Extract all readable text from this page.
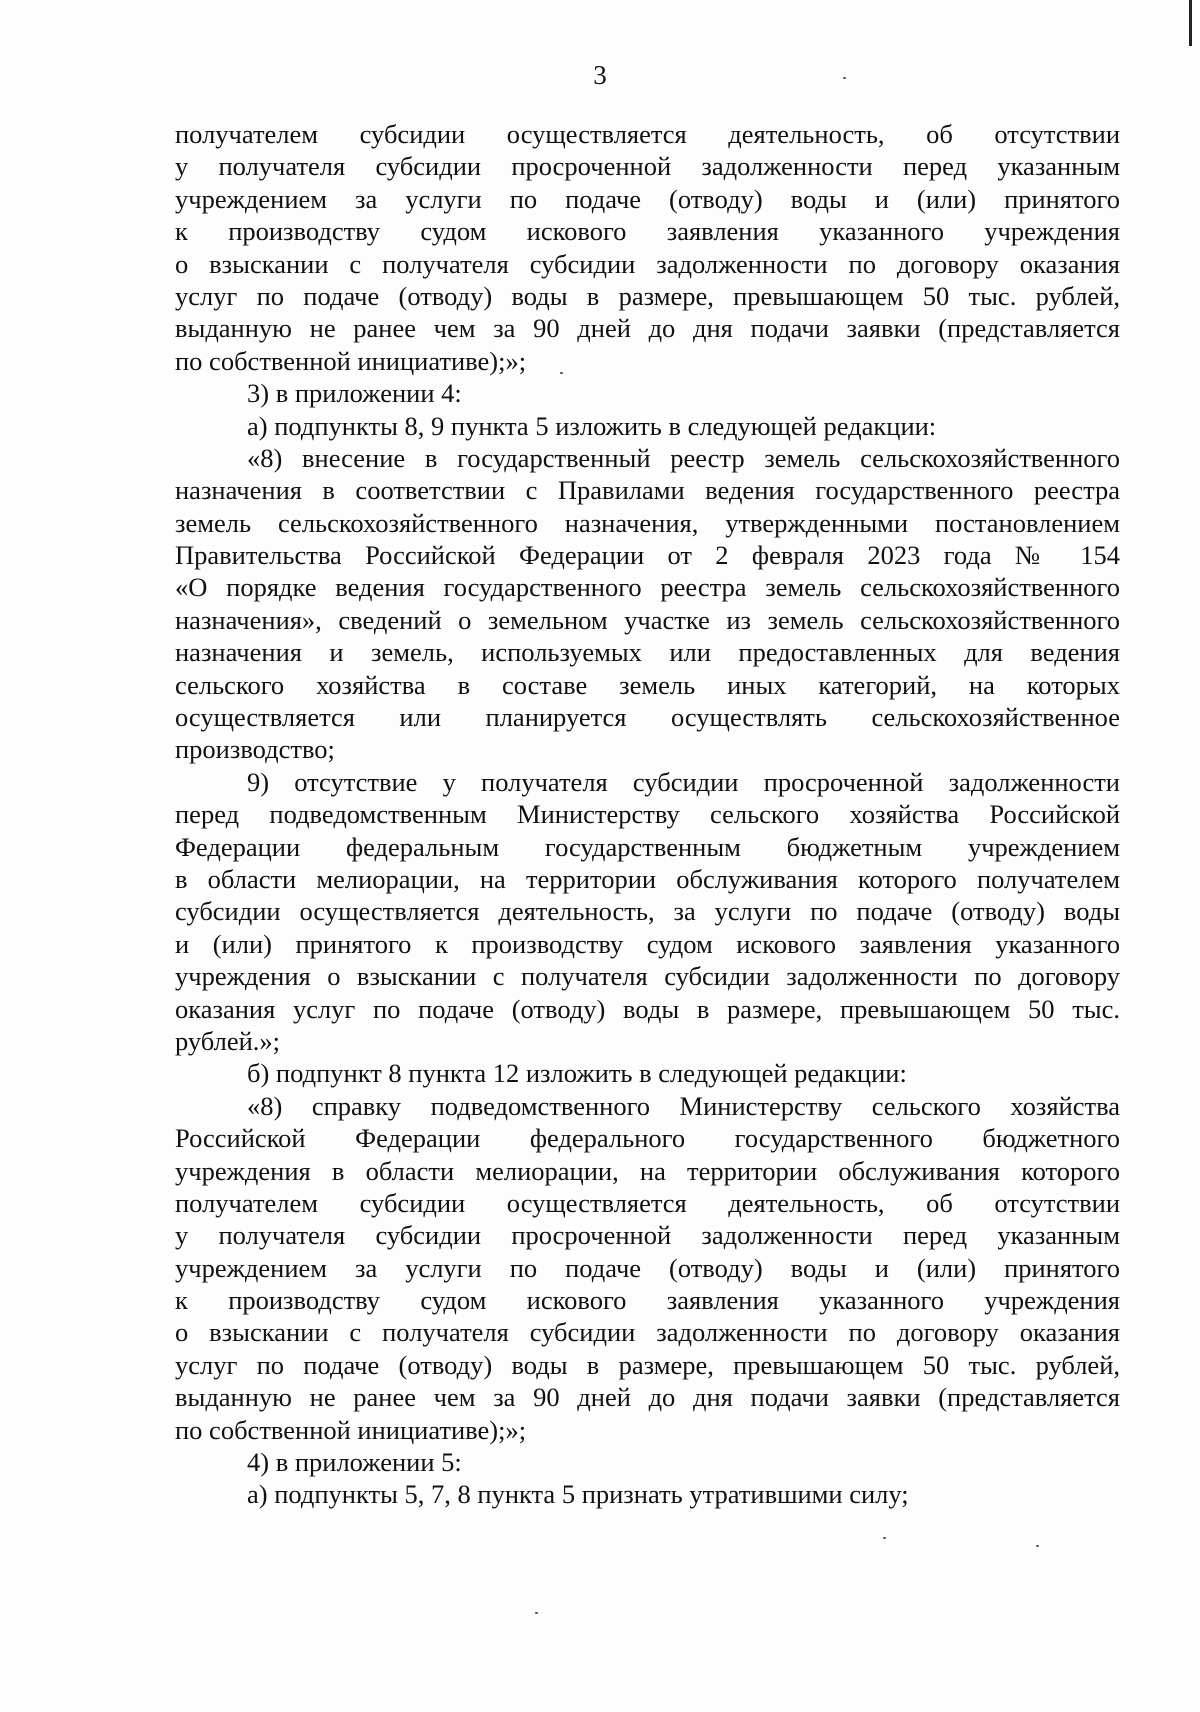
3
получателем субсидии осуществляется деятельность, об отсутствии
у получателя субсидии просроченной задолженности перед указанным
учреждением за услуги по подаче (отводу) воды и (или) принятого
к производству судом искового заявления указанного учреждения
о взыскании с получателя субсидии задолженности по договору оказания
услуг по подаче (отводу) воды в размере, превышающем 50 тыс. рублей,
выданную не ранее чем за 90 дней до дня подачи заявки (представляется
по собственной инициативе);»;
3) в приложении 4:
а) подпункты 8, 9 пункта 5 изложить в следующей редакции:
«8) внесение в государственный реестр земель сельскохозяйственного
назначения в соответствии с Правилами ведения государственного реестра
земель сельскохозяйственного назначения, утвержденными постановлением
Правительства Российской Федерации от 2 февраля 2023 года № 154
«О порядке ведения государственного реестра земель сельскохозяйственного
назначения», сведений о земельном участке из земель сельскохозяйственного
назначения и земель, используемых или предоставленных для ведения
сельского хозяйства в составе земель иных категорий, на которых
осуществляется или планируется осуществлять сельскохозяйственное
производство;
9) отсутствие у получателя субсидии просроченной задолженности
перед подведомственным Министерству сельского хозяйства Российской
Федерации федеральным государственным бюджетным учреждением
в области мелиорации, на территории обслуживания которого получателем
субсидии осуществляется деятельность, за услуги по подаче (отводу) воды
и (или) принятого к производству судом искового заявления указанного
учреждения о взыскании с получателя субсидии задолженности по договору
оказания услуг по подаче (отводу) воды в размере, превышающем 50 тыс.
рублей.»;
б) подпункт 8 пункта 12 изложить в следующей редакции:
«8) справку подведомственного Министерству сельского хозяйства
Российской Федерации федерального государственного бюджетного
учреждения в области мелиорации, на территории обслуживания которого
получателем субсидии осуществляется деятельность, об отсутствии
у получателя субсидии просроченной задолженности перед указанным
учреждением за услуги по подаче (отводу) воды и (или) принятого
к производству судом искового заявления указанного учреждения
о взыскании с получателя субсидии задолженности по договору оказания
услуг по подаче (отводу) воды в размере, превышающем 50 тыс. рублей,
выданную не ранее чем за 90 дней до дня подачи заявки (представляется
по собственной инициативе);»;
4) в приложении 5:
а) подпункты 5, 7, 8 пункта 5 признать утратившими силу;
